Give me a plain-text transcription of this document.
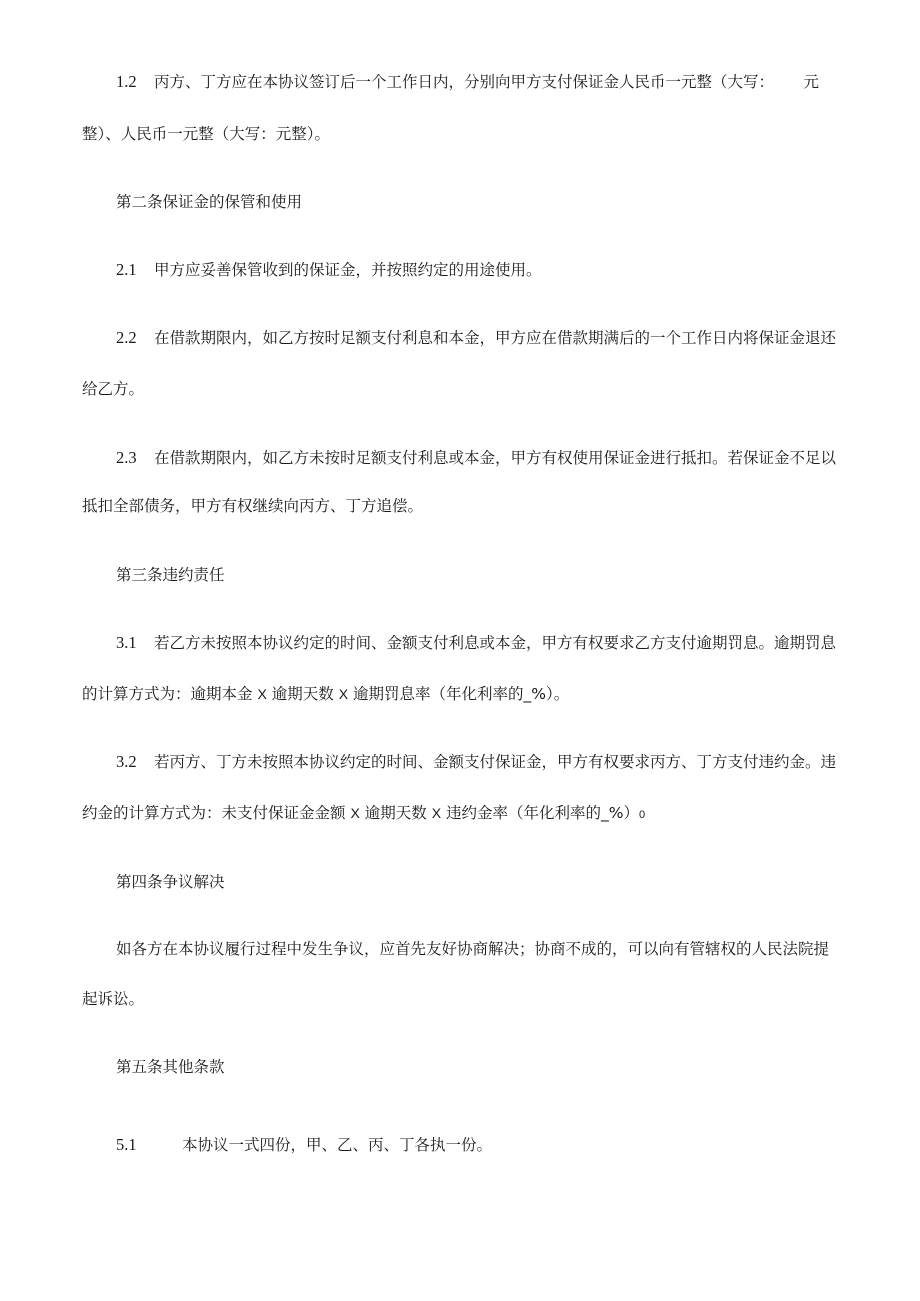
1.2 丙方、丁方应在本协议签订后一个工作日内，分别向甲方支付保证金人民币一元整（大写： 元

整）、人民币一元整（大写：元整）。

第二条保证金的保管和使用

2.1 甲方应妥善保管收到的保证金，并按照约定的用途使用。

2.2 在借款期限内，如乙方按时足额支付利息和本金，甲方应在借款期满后的一个工作日内将保证金退还

给乙方。

2.3 在借款期限内，如乙方未按时足额支付利息或本金，甲方有权使用保证金进行抵扣。若保证金不足以

抵扣全部债务，甲方有权继续向丙方、丁方追偿。

第三条违约责任

3.1 若乙方未按照本协议约定的时间、金额支付利息或本金，甲方有权要求乙方支付逾期罚息。逾期罚息

的计算方式为：逾期本金 X 逾期天数 X 逾期罚息率（年化利率的_%）。

3.2 若丙方、丁方未按照本协议约定的时间、金额支付保证金，甲方有权要求丙方、丁方支付违约金。违

约金的计算方式为：未支付保证金金额 X 逾期天数 X 违约金率（年化利率的_%）0

第四条争议解决

如各方在本协议履行过程中发生争议，应首先友好协商解决；协商不成的，可以向有管辖权的人民法院提

起诉讼。

第五条其他条款

5.1	本协议一式四份，甲、乙、丙、丁各执一份。
